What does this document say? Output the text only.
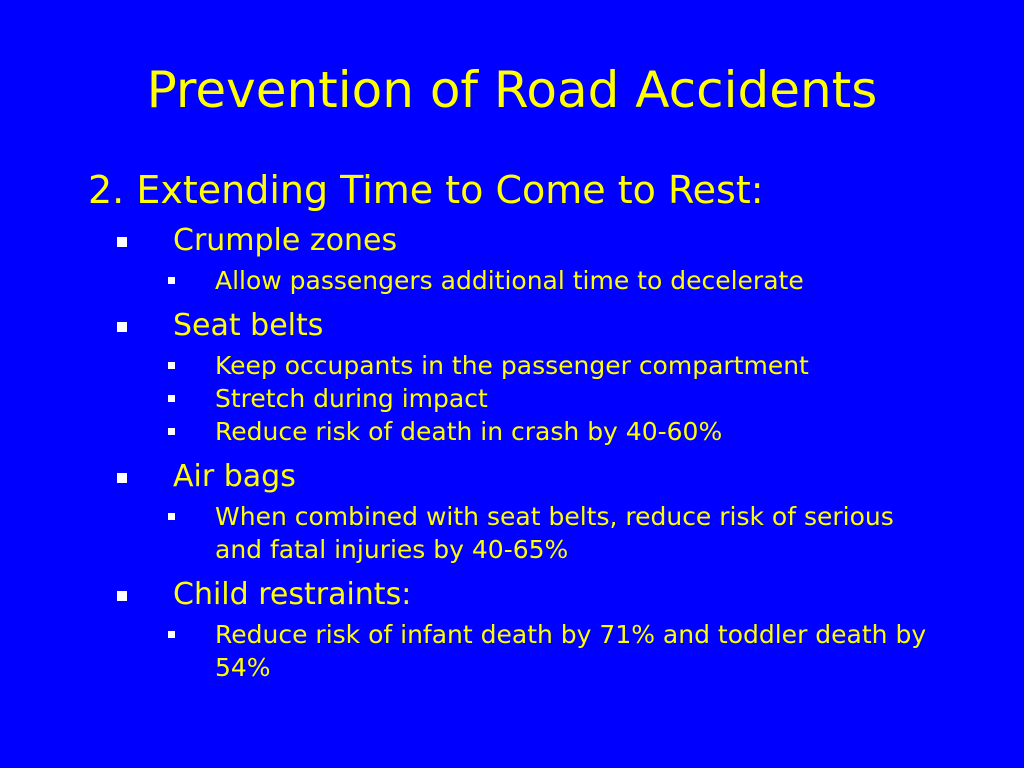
Prevention of Road Accidents
2. Extending Time to Come to Rest:
Crumple zones
Allow passengers additional time to decelerate
Seat belts
Keep occupants in the passenger compartment
Stretch during impact
Reduce risk of death in crash by 40-60%
Air bags
When combined with seat belts, reduce risk of serious and fatal injuries by 40-65%
Child restraints:
Reduce risk of infant death by 71% and toddler death by 54%
